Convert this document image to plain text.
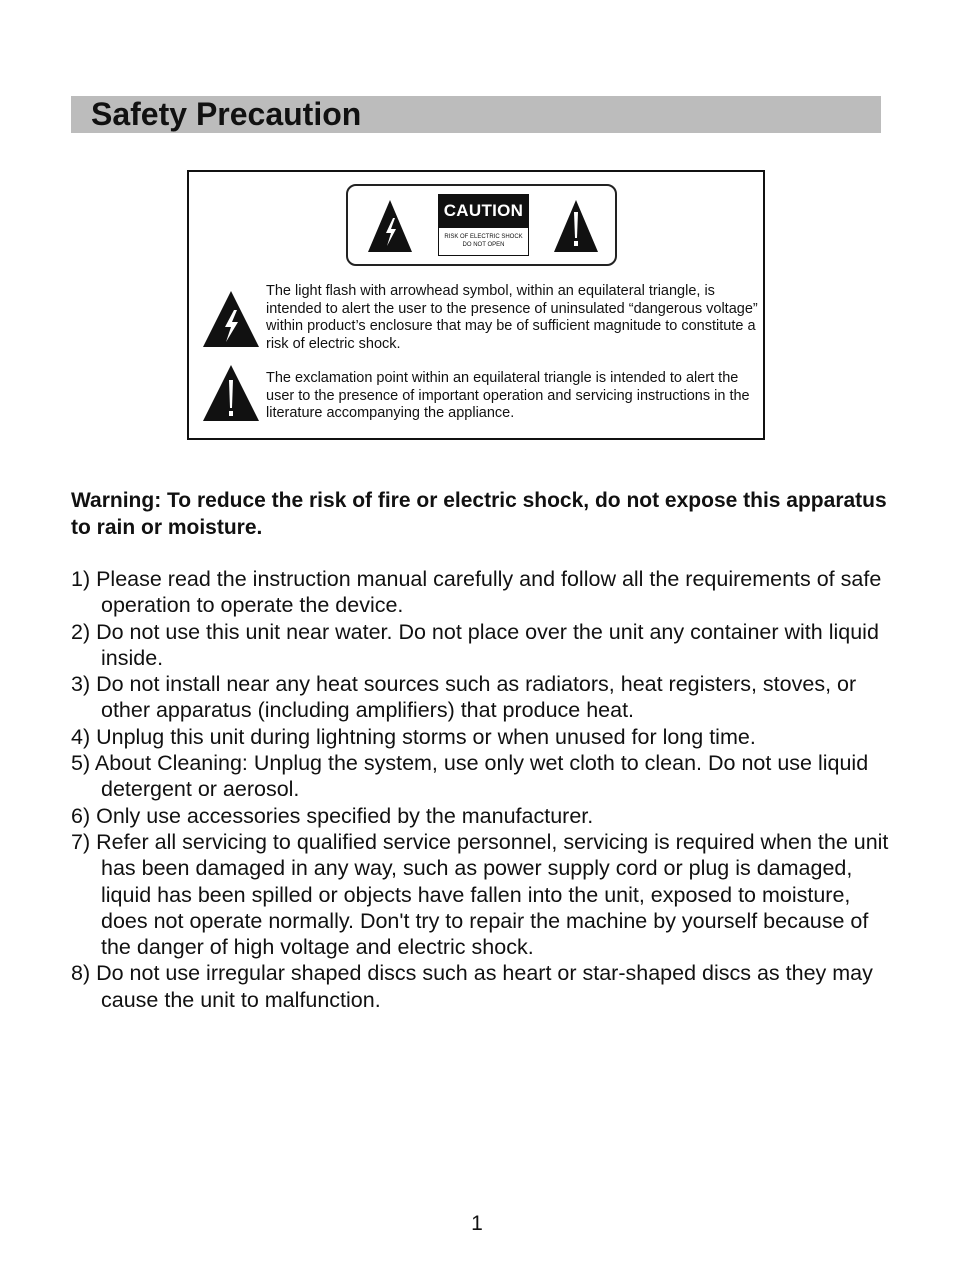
Safety Precaution
CAUTION
RISK OF ELECTRIC SHOCK
DO NOT OPEN
The light flash with arrowhead symbol, within an equilateral triangle, is intended to alert the user to the presence of uninsulated “dangerous voltage” within product’s enclosure that may be of sufficient magnitude to constitute a risk of electric shock.
The exclamation point within an equilateral triangle is intended to alert the user to the presence of important operation and servicing instructions in the literature accompanying the appliance.
Warning: To reduce the risk of fire or electric shock, do not expose this apparatus to rain or moisture.
1) Please read the instruction manual carefully and follow all the requirements of safe operation to operate the device.
2) Do not use this unit near water. Do not place over the unit any container with liquid inside.
3) Do not install near any heat sources such as radiators, heat registers, stoves, or other apparatus (including amplifiers) that produce heat.
4) Unplug this unit during lightning storms or when unused for long time.
5) About Cleaning: Unplug the system, use only wet cloth to clean. Do not use liquid detergent or aerosol.
6) Only use accessories specified by the manufacturer.
7) Refer all servicing to qualified service personnel, servicing is required when the unit has been damaged in any way, such as power supply cord or plug is damaged, liquid has been spilled or objects have fallen into the unit, exposed to moisture, does not operate normally. Don't try to repair the machine by yourself because of the danger of high voltage and electric shock.
8) Do not use irregular shaped discs such as heart or star-shaped discs as they may cause the unit to malfunction.
1
